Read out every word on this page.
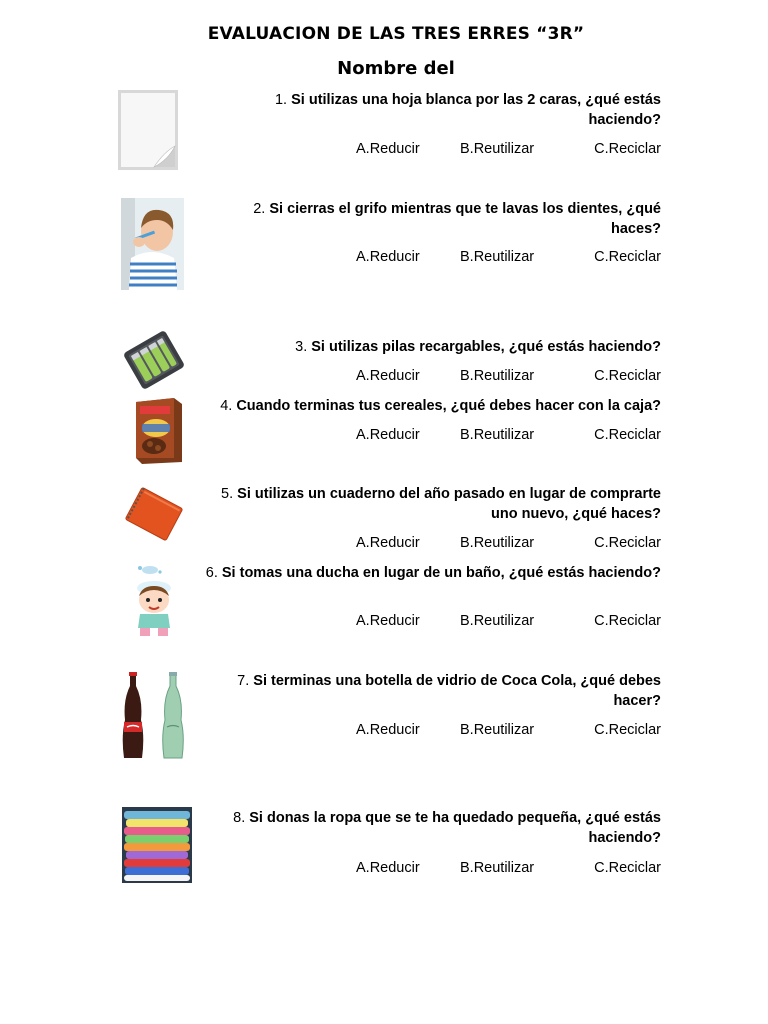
EVALUACION DE LAS TRES ERRES “3R”
Nombre del
1. Si utilizas una hoja blanca por las 2 caras, ¿qué estás haciendo?
A.Reducir	B.Reutilizar	C.Reciclar
2. Si cierras el grifo mientras que te lavas los dientes, ¿qué haces?
A.Reducir	B.Reutilizar	C.Reciclar
3. Si utilizas pilas recargables, ¿qué estás haciendo?
A.Reducir	B.Reutilizar	C.Reciclar
4. Cuando terminas tus cereales, ¿qué debes hacer con la caja?
A.Reducir	B.Reutilizar	C.Reciclar
5. Si utilizas un cuaderno del año pasado en lugar de comprarte uno nuevo, ¿qué haces?
A.Reducir	B.Reutilizar	C.Reciclar
6. Si tomas una ducha en lugar de un baño, ¿qué estás haciendo?
A.Reducir	B.Reutilizar	C.Reciclar
7. Si terminas una botella de vidrio de Coca Cola, ¿qué debes hacer?
A.Reducir	B.Reutilizar	C.Reciclar
8. Si donas la ropa que se te ha quedado pequeña, ¿qué estás haciendo?
A.Reducir	B.Reutilizar	C.Reciclar
